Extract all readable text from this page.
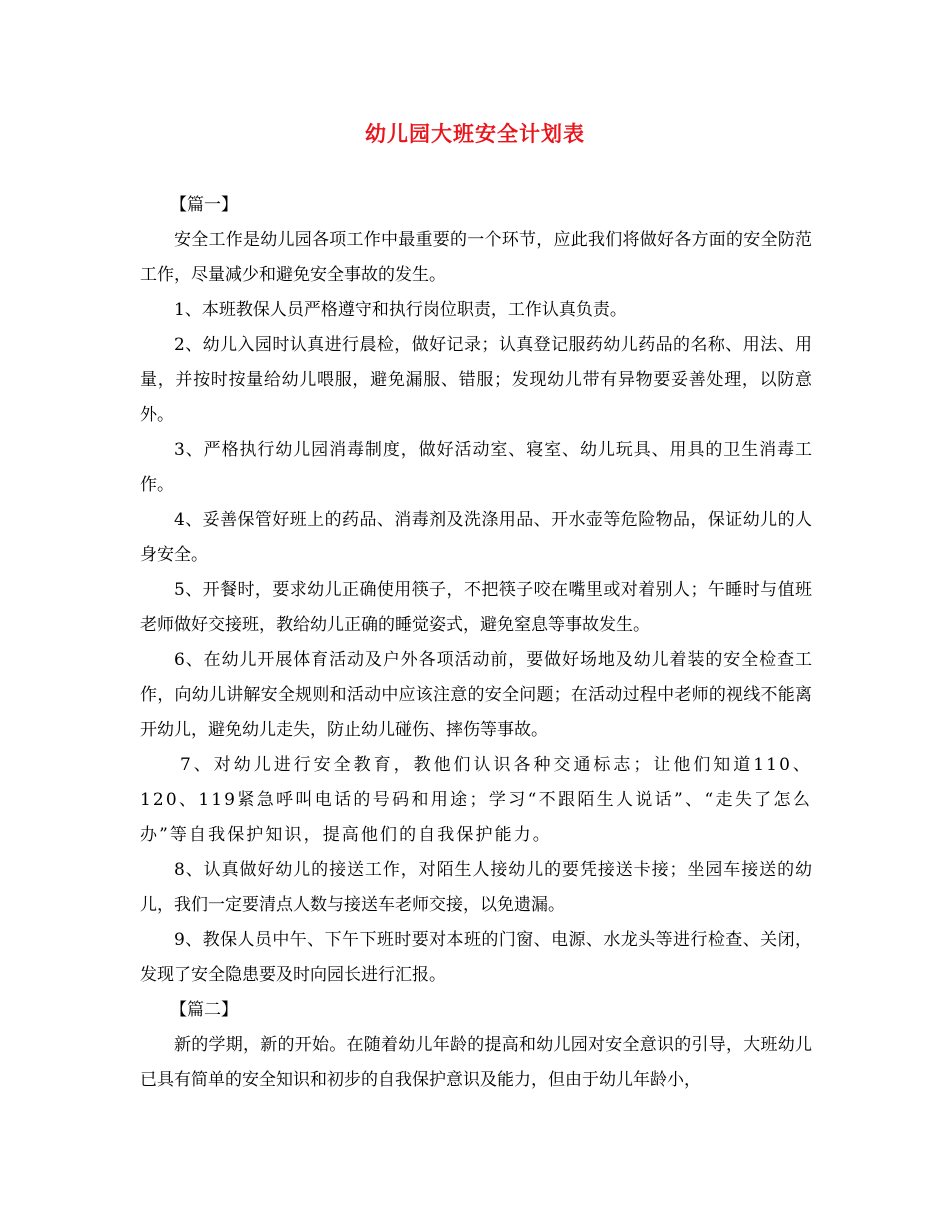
幼儿园大班安全计划表

【篇一】

安全工作是幼儿园各项工作中最重要的一个环节，应此我们将做好各方面的安全防范工作，尽量减少和避免安全事故的发生。

1、本班教保人员严格遵守和执行岗位职责，工作认真负责。

2、幼儿入园时认真进行晨检，做好记录；认真登记服药幼儿药品的名称、用法、用量，并按时按量给幼儿喂服，避免漏服、错服；发现幼儿带有异物要妥善处理，以防意外。

3、严格执行幼儿园消毒制度，做好活动室、寝室、幼儿玩具、用具的卫生消毒工作。

4、妥善保管好班上的药品、消毒剂及洗涤用品、开水壶等危险物品，保证幼儿的人身安全。

5、开餐时，要求幼儿正确使用筷子，不把筷子咬在嘴里或对着别人；午睡时与值班老师做好交接班，教给幼儿正确的睡觉姿式，避免窒息等事故发生。

6、在幼儿开展体育活动及户外各项活动前，要做好场地及幼儿着装的安全检查工作，向幼儿讲解安全规则和活动中应该注意的安全问题；在活动过程中老师的视线不能离开幼儿，避免幼儿走失，防止幼儿碰伤、摔伤等事故。

7、对幼儿进行安全教育，教他们认识各种交通标志；让他们知道110、120、119紧急呼叫电话的号码和用途；学习“不跟陌生人说话”、“走失了怎么办”等自我保护知识，提高他们的自我保护能力。

8、认真做好幼儿的接送工作，对陌生人接幼儿的要凭接送卡接；坐园车接送的幼儿，我们一定要清点人数与接送车老师交接，以免遗漏。

9、教保人员中午、下午下班时要对本班的门窗、电源、水龙头等进行检查、关闭，发现了安全隐患要及时向园长进行汇报。

【篇二】

新的学期，新的开始。在随着幼儿年龄的提高和幼儿园对安全意识的引导，大班幼儿已具有简单的安全知识和初步的自我保护意识及能力，但由于幼儿年龄小，
